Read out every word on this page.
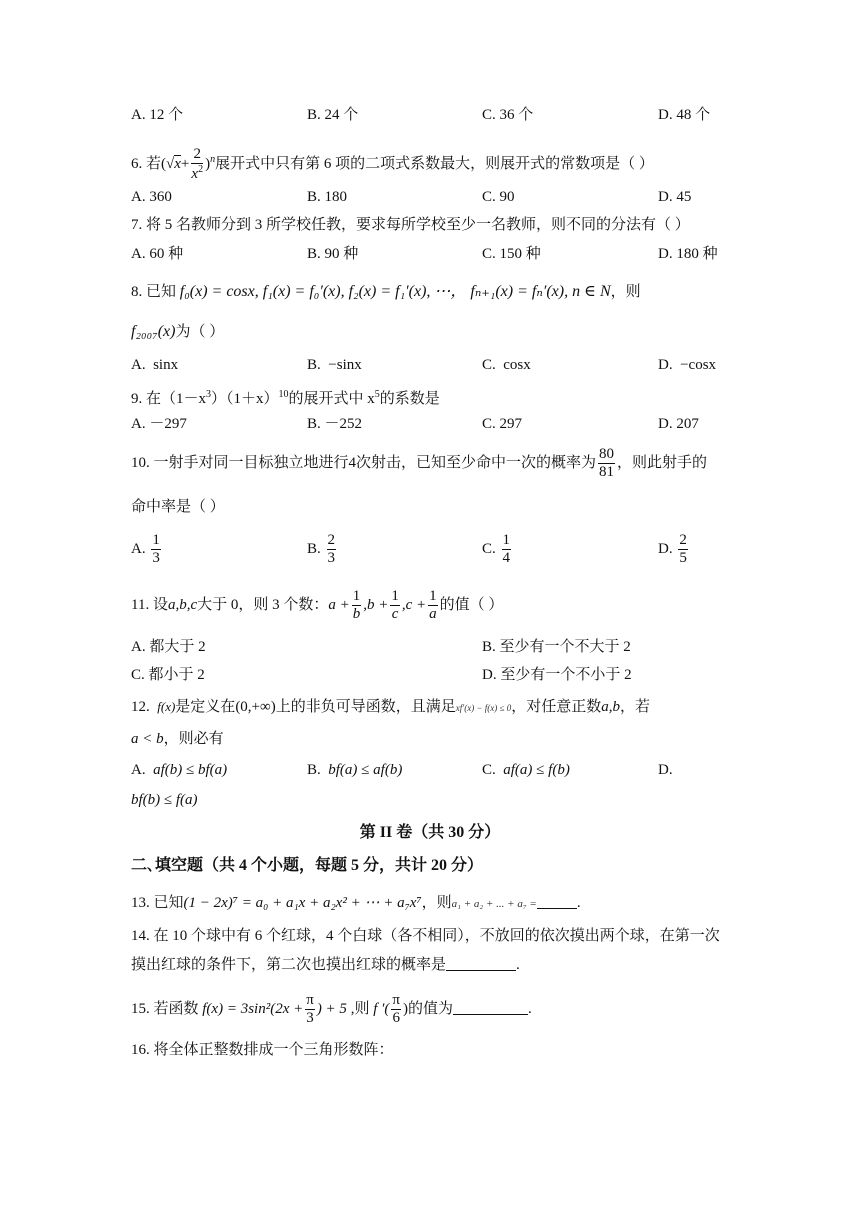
A. 12 个	B. 24 个	C. 36 个	D. 48 个
6. 若$(√x+ \frac{2}{x^2} )^n$展开式中只有第 6 项的二项式系数最大，则展开式的常数项是（ ）
A. 360	B. 180	C. 90	D. 45
7. 将 5 名教师分到 3 所学校任教，要求每所学校至少一名教师，则不同的分法有（ ）
A. 60 种	B. 90 种	C. 150 种	D. 180 种
8. 已知 f₀(x) = cosx, f₁(x) = f₀′(x), f₂(x) = f₁′(x), ⋯， fₙ₊₁(x) = fₙ′(x), n ∈ N，则
f₂₀₀₇(x)为（ ）
A. sinx	B. −sinx	C. cosx	D. −cosx
9. 在$(1-x^3)(1+x)^{10}$的展开式中 $x^5$的系数是
A. －297	B. －252	C. 297	D. 207
10. 一射手对同一目标独立地进行4次射击，已知至少命中一次的概率为 $\frac{80}{81}$ ，则此射手的
命中率是（ ）
A. $\frac{1}{3}$	B. $\frac{2}{3}$	C. $\frac{1}{4}$	D. $\frac{2}{5}$
11. 设a,b,c大于 0，则 3 个数：$a + \frac{1}{b} ,b + \frac{1}{c} ,c + \frac{1}{a}$ 的值（ ）
A. 都大于 2	B. 至少有一个不大于 2
C. 都小于 2	D. 至少有一个不小于 2
12. f(x)是定义在(0,+∞)上的非负可导函数，且满足xf′(x) − f(x) ≤ 0，对任意正数a,b，若
a < b，则必有
A. af(b) ≤ bf(a)	B. bf(a) ≤ af(b)	C. af(a) ≤ f(b)	D.
bf(b) ≤ f(a)
第 II 卷（共 30 分）
二､填空题（共 4 个小题，每题 5 分，共计 20 分）
13. 已知(1 − 2x)⁷ = a₀ + a₁x + a₂x² + ⋯ + a₇x⁷，则a₁ + a₂ + ... + a₇ =	.
14. 在 10 个球中有 6 个红球，4 个白球（各不相同），不放回的依次摸出两个球，在第一次
摸出红球的条件下，第二次也摸出红球的概率是	.
15. 若函数 $f(x) = 3\sin^2(2x + \frac{\pi}{3}$ ) + 5 ,则 f ′( $\frac{\pi}{6}$ )的值为	.
16. 将全体正整数排成一个三角形数阵：
